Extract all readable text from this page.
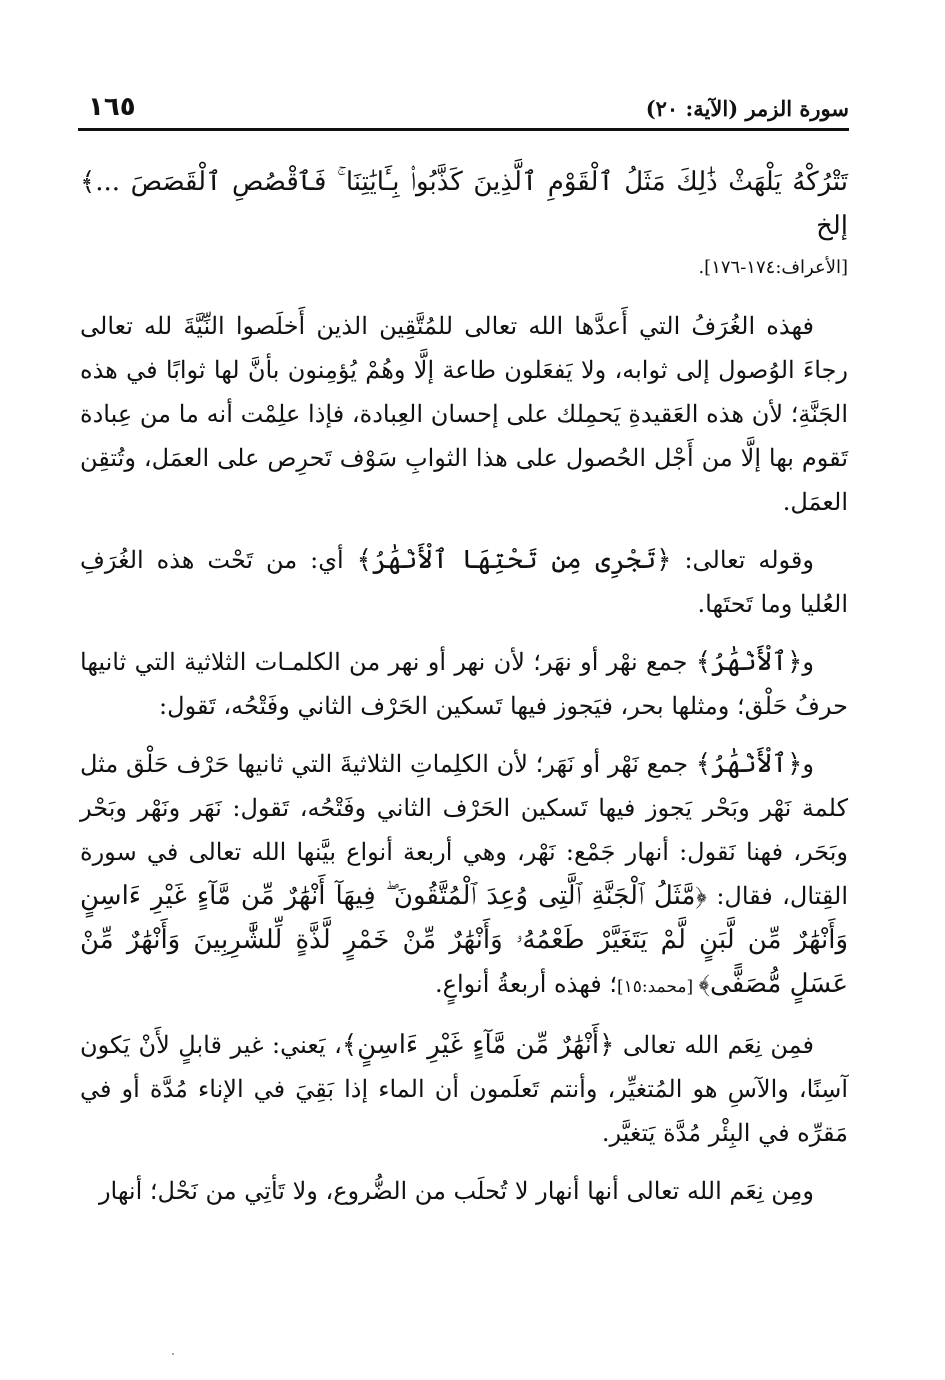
سورة الزمر (الآية: ٢٠)
١٦٥

تَتْرُكْهُ يَلْهَثْ ذَٰلِكَ مَثَلُ ٱلْقَوْمِ ٱلَّذِينَ كَذَّبُوا۟ بِـَٔايَٰتِنَا ۚ فَٱقْصُصِ ٱلْقَصَصَ ...﴾ إلخ
[الأعراف:١٧٤-١٧٦].

فهذه الغُرَفُ التي أَعدَّها الله تعالى للمُتَّقِين الذين أَخلَصوا النِّيَّةَ لله تعالى رجاءَ الوُصول إلى ثوابه، ولا يَفعَلون طاعة إلَّا وهُمْ يُؤمِنون بأنَّ لها ثوابًا في هذه الجَنَّةِ؛ لأن هذه العَقيدةِ يَحمِلك على إحسان العِبادة، فإذا علِمْت أنه ما من عِبادة تَقوم بها إلَّا من أَجْل الحُصول على هذا الثوابِ سَوْف تَحرِص على العمَل، وتُتقِن العمَل.

وقوله تعالى: ﴿تَجْرِى مِن تَحْتِهَا ٱلْأَنْهَٰرُ﴾ أي: من تَحْت هذه الغُرَفِ العُليا وما تَحتَها.

و﴿ٱلْأَنْهَٰرُ﴾ جمع نهْر أو نهَر؛ لأن نهر أو نهر من الكلمـات الثلاثية التي ثانيها حرفُ حَلْق؛ ومثلها بحر، فيَجوز فيها تَسكين الحَرْف الثاني وفَتْحُه، تَقول:

و﴿ٱلْأَنْهَٰرُ﴾ جمع نَهْر أو نَهَر؛ لأن الكلِماتِ الثلاثيةَ التي ثانيها حَرْف حَلْق مثل كلمة نَهْر وبَحْر يَجوز فيها تَسكين الحَرْف الثاني وفَتْحُه، تَقول: نَهَر ونَهْر وبَحْر وبَحَر، فهنا نَقول: أنهار جَمْع: نَهْر، وهي أربعة أنواع بيَّنها الله تعالى في سورة القِتال، فقال: ﴿مَّثَلُ ٱلْجَنَّةِ ٱلَّتِى وُعِدَ ٱلْمُتَّقُونَ ۖ فِيهَآ أَنْهَٰرٌ مِّن مَّآءٍ غَيْرِ ءَاسِنٍ وَأَنْهَٰرٌ مِّن لَّبَنٍ لَّمْ يَتَغَيَّرْ طَعْمُهُۥ وَأَنْهَٰرٌ مِّنْ خَمْرٍ لَّذَّةٍ لِّلشَّٰرِبِينَ وَأَنْهَٰرٌ مِّنْ عَسَلٍ مُّصَفًّى﴾ [محمد:١٥]؛ فهذه أربعةُ أنواعٍ.

فمِن نِعَم الله تعالى ﴿أَنْهَٰرٌ مِّن مَّآءٍ غَيْرِ ءَاسِنٍ﴾، يَعني: غير قابلٍ لأَنْ يَكون آسِنًا، والآسِ هو المُتغيِّر، وأنتم تَعلَمون أن الماء إذا بَقِيَ في الإناء مُدَّة أو في مَقرِّه في البِئْر مُدَّة يَتغيَّر.

ومِن نِعَم الله تعالى أنها أنهار لا تُحلَب من الضُّروع، ولا تَأتِي من نَحْل؛ أنهار
